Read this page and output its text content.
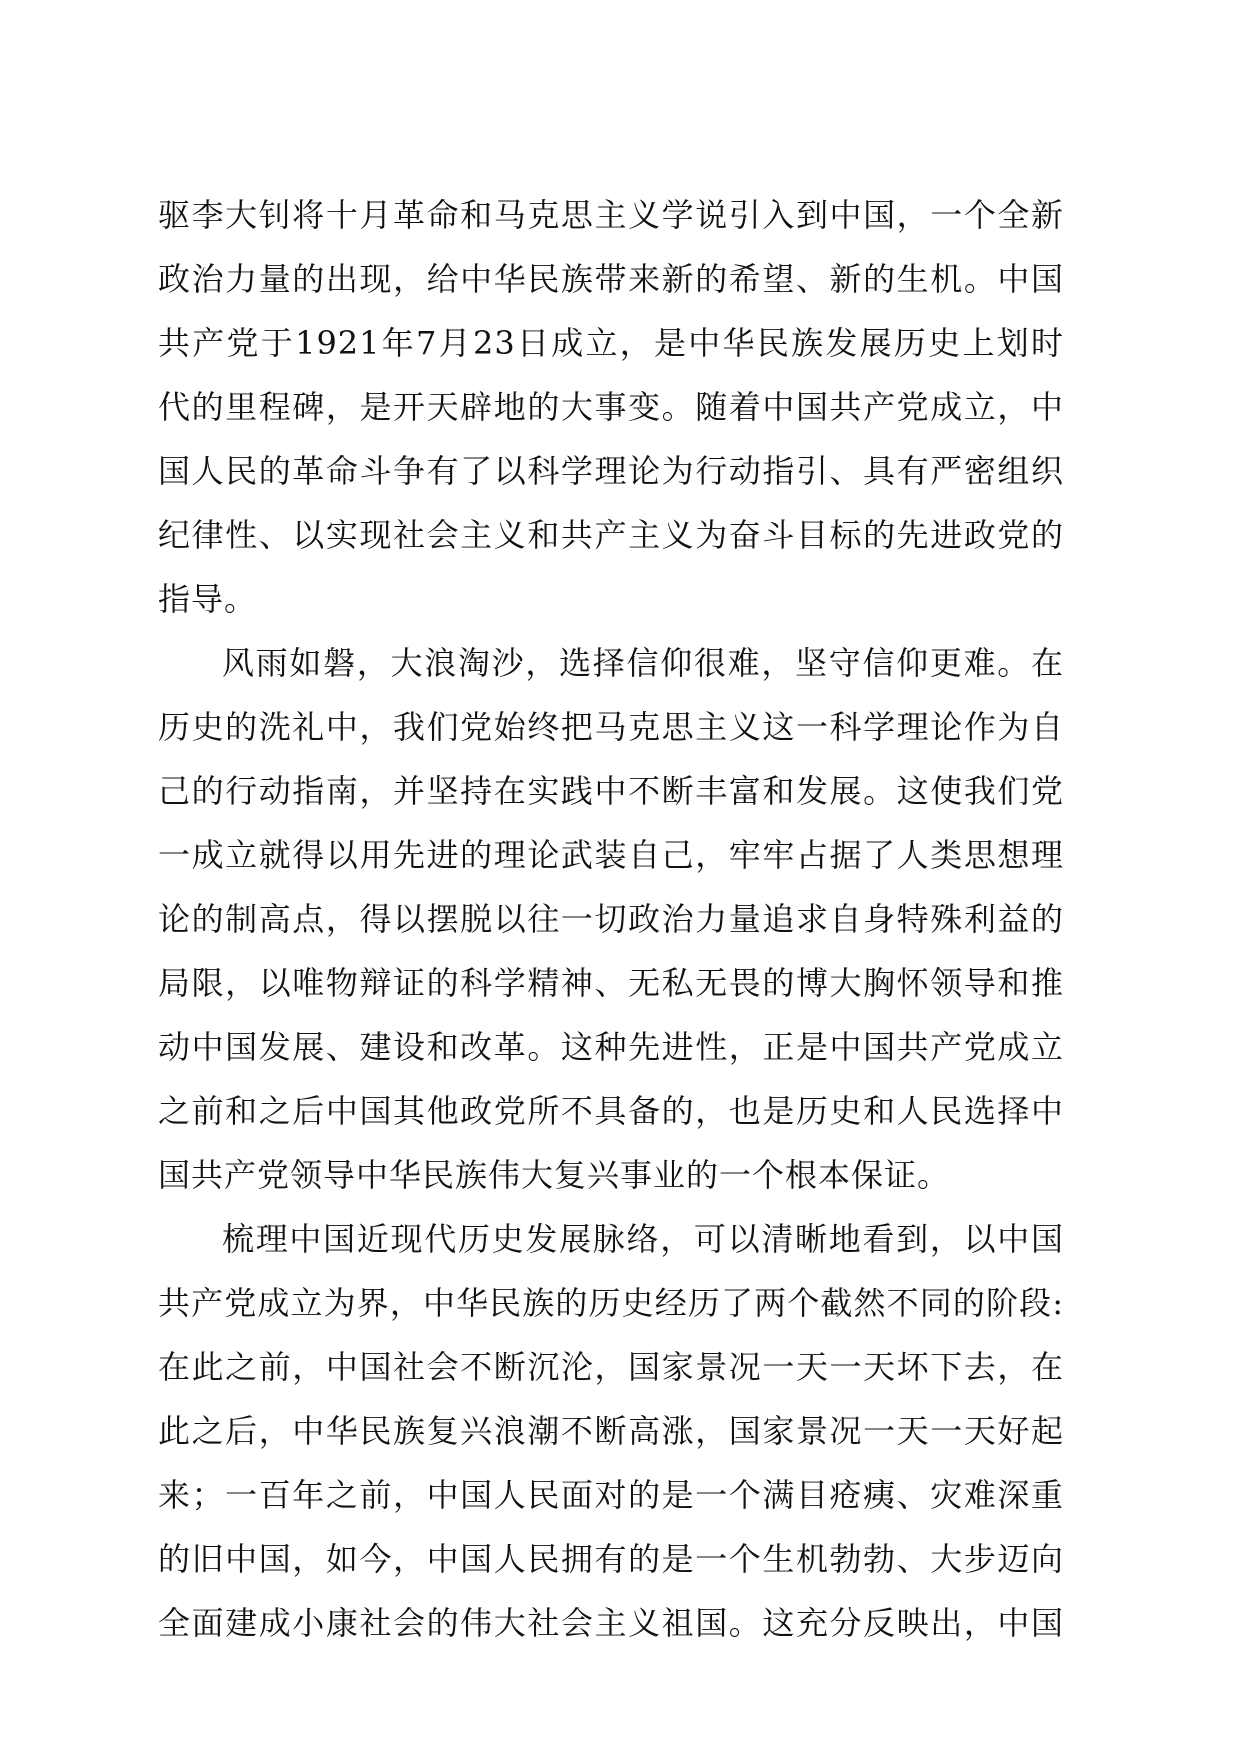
驱李大钊将十月革命和马克思主义学说引入到中国，一个全新
政治力量的出现，给中华民族带来新的希望、新的生机。中国
共产党于1921年7月23日成立，是中华民族发展历史上划时
代的里程碑，是开天辟地的大事变。随着中国共产党成立，中
国人民的革命斗争有了以科学理论为行动指引、具有严密组织
纪律性、以实现社会主义和共产主义为奋斗目标的先进政党的
指导。
风雨如磐，大浪淘沙，选择信仰很难，坚守信仰更难。在
历史的洗礼中，我们党始终把马克思主义这一科学理论作为自
己的行动指南，并坚持在实践中不断丰富和发展。这使我们党
一成立就得以用先进的理论武装自己，牢牢占据了人类思想理
论的制高点，得以摆脱以往一切政治力量追求自身特殊利益的
局限，以唯物辩证的科学精神、无私无畏的博大胸怀领导和推
动中国发展、建设和改革。这种先进性，正是中国共产党成立
之前和之后中国其他政党所不具备的，也是历史和人民选择中
国共产党领导中华民族伟大复兴事业的一个根本保证。
梳理中国近现代历史发展脉络，可以清晰地看到，以中国
共产党成立为界，中华民族的历史经历了两个截然不同的阶段:
在此之前，中国社会不断沉沦，国家景况一天一天坏下去，在
此之后，中华民族复兴浪潮不断高涨，国家景况一天一天好起
来；一百年之前，中国人民面对的是一个满目疮痍、灾难深重
的旧中国，如今，中国人民拥有的是一个生机勃勃、大步迈向
全面建成小康社会的伟大社会主义祖国。这充分反映出，中国
